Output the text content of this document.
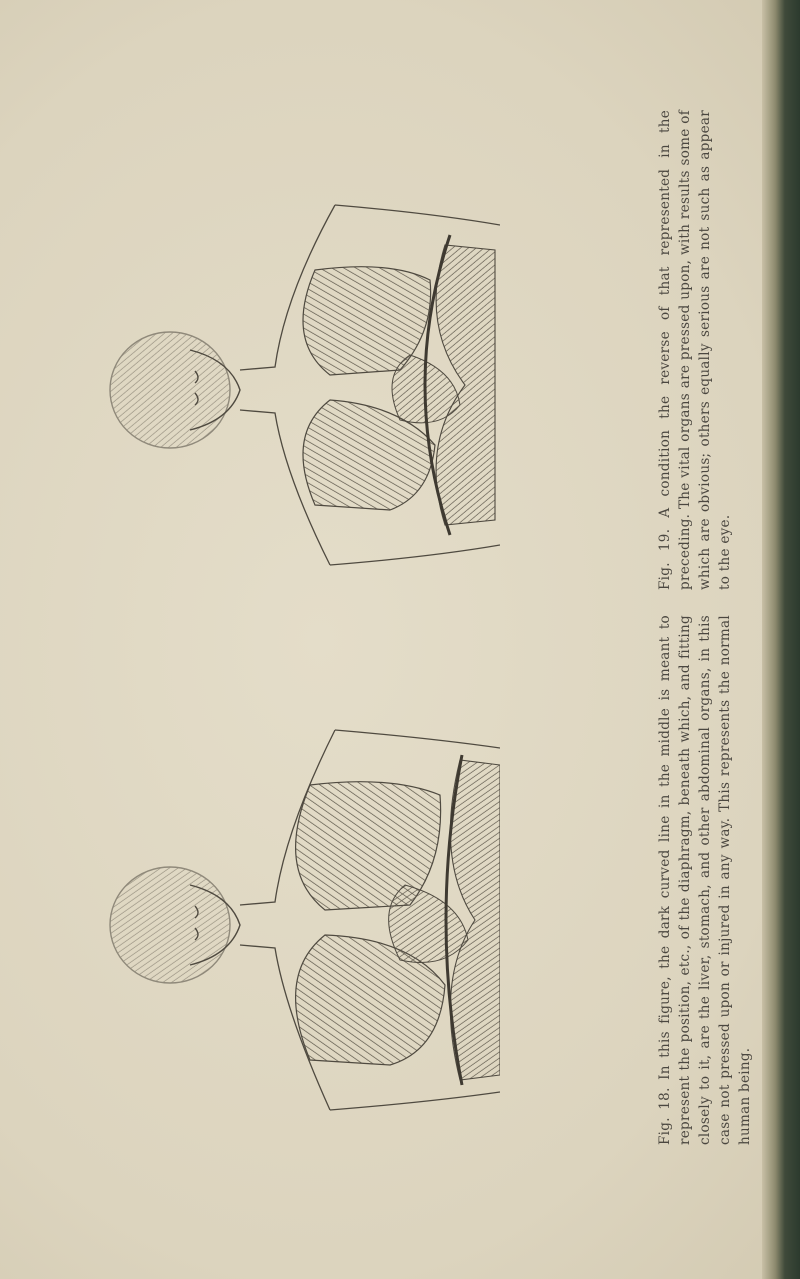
Fig. 19. A condition the reverse of that represented in the preceding. The vital organs are pressed upon, with results some of which are obvious; others equally serious are not such as appear to the eye.

Fig. 18. In this figure, the dark curved line in the middle is meant to represent the position, etc., of the diaphragm, beneath which, and fitting closely to it, are the liver, stomach, and other abdominal organs, in this case not pressed upon or injured in any way. This represents the normal human being.
